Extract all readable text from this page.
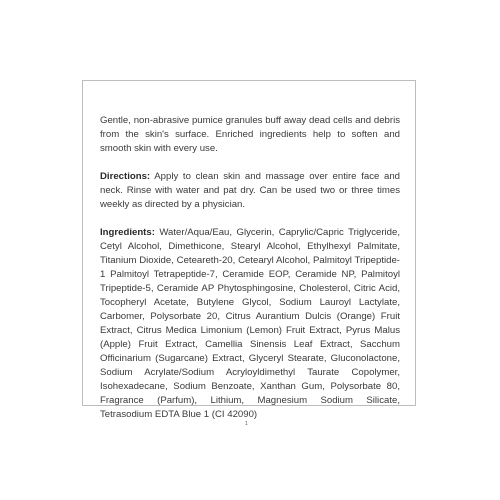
Gentle, non-abrasive pumice granules buff away dead cells and debris from the skin's surface. Enriched ingredients help to soften and smooth skin with every use.

Directions: Apply to clean skin and massage over entire face and neck. Rinse with water and pat dry. Can be used two or three times weekly as directed by a physician.

Ingredients: Water/Aqua/Eau, Glycerin, Caprylic/Capric Triglyceride, Cetyl Alcohol, Dimethicone, Stearyl Alcohol, Ethylhexyl Palmitate, Titanium Dioxide, Ceteareth-20, Cetearyl Alcohol, Palmitoyl Tripeptide-1 Palmitoyl Tetrapeptide-7, Ceramide EOP, Ceramide NP, Palmitoyl Tripeptide-5, Ceramide AP Phytosphingosine, Cholesterol, Citric Acid, Tocopheryl Acetate, Butylene Glycol, Sodium Lauroyl Lactylate, Carbomer, Polysorbate 20, Citrus Aurantium Dulcis (Orange) Fruit Extract, Citrus Medica Limonium (Lemon) Fruit Extract, Pyrus Malus (Apple) Fruit Extract, Camellia Sinensis Leaf Extract, Sacchum Officinarium (Sugarcane) Extract, Glyceryl Stearate, Gluconolactone, Sodium Acrylate/Sodium Acryloyldimethyl Taurate Copolymer, Isohexadecane, Sodium Benzoate, Xanthan Gum, Polysorbate 80, Fragrance (Parfum), Lithium, Magnesium Sodium Silicate, Tetrasodium EDTA Blue 1 (CI 42090)

1
